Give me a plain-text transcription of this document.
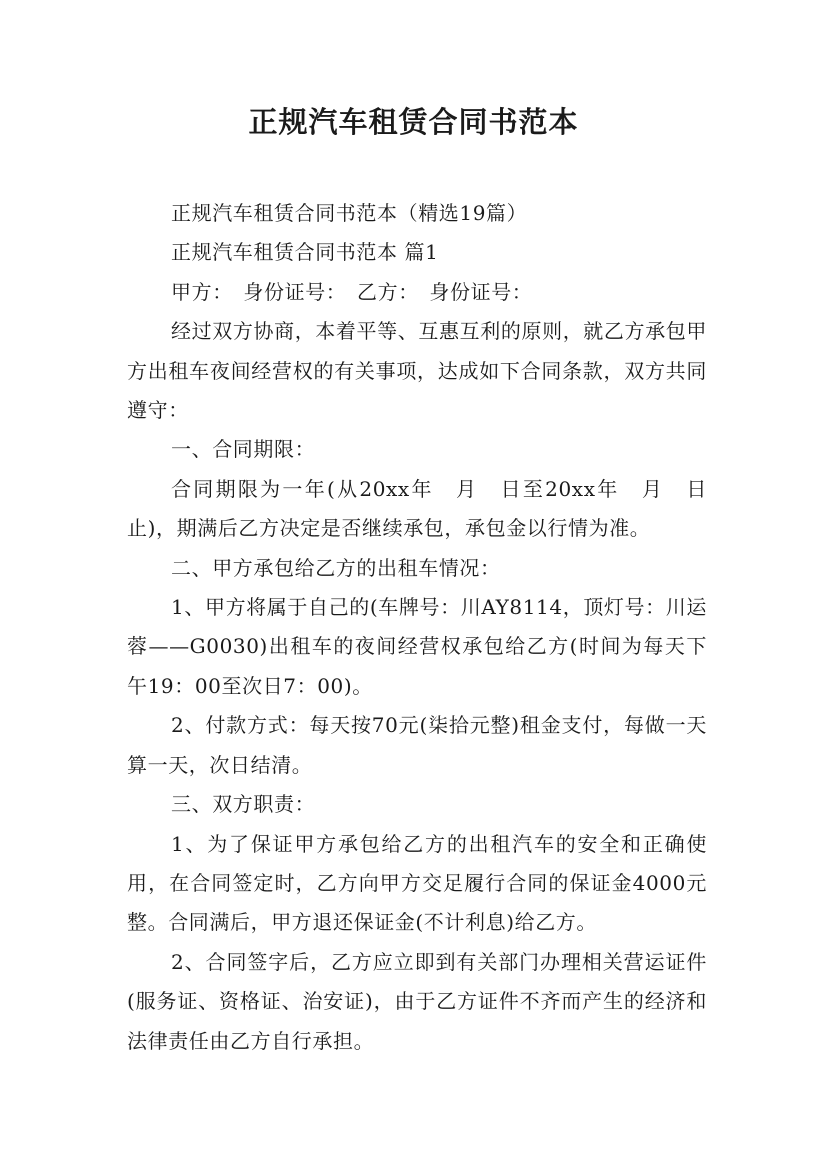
正规汽车租赁合同书范本

正规汽车租赁合同书范本（精选19篇）

正规汽车租赁合同书范本 篇1

甲方：　身份证号：　乙方：　身份证号：

经过双方协商，本着平等、互惠互利的原则，就乙方承包甲方出租车夜间经营权的有关事项，达成如下合同条款，双方共同遵守：

一、合同期限：

合同期限为一年(从20xx年　月　日至20xx年　月　日止)，期满后乙方决定是否继续承包，承包金以行情为准。

二、甲方承包给乙方的出租车情况：

1、甲方将属于自己的(车牌号：川AY8114，顶灯号：川运蓉——G0030)出租车的夜间经营权承包给乙方(时间为每天下午19：00至次日7：00)。

2、付款方式：每天按70元(柒拾元整)租金支付，每做一天算一天，次日结清。

三、双方职责：

1、为了保证甲方承包给乙方的出租汽车的安全和正确使用，在合同签定时，乙方向甲方交足履行合同的保证金4000元整。合同满后，甲方退还保证金(不计利息)给乙方。

2、合同签字后，乙方应立即到有关部门办理相关营运证件(服务证、资格证、治安证)，由于乙方证件不齐而产生的经济和法律责任由乙方自行承担。
